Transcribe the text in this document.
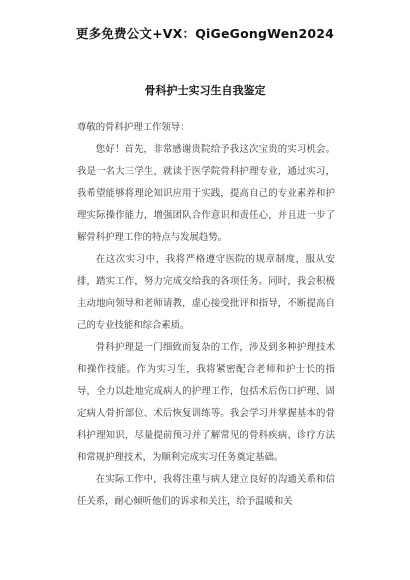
更多免费公文+VX：QiGeGongWen2024
骨科护士实习生自我鉴定

尊敬的骨科护理工作领导：

您好！首先，非常感谢贵院给予我这次宝贵的实习机会。我是一名大三学生，就读于医学院骨科护理专业，通过实习，我希望能够将理论知识应用于实践，提高自己的专业素养和护理实际操作能力，增强团队合作意识和责任心，并且进一步了解骨科护理工作的特点与发展趋势。

在这次实习中，我将严格遵守医院的规章制度，服从安排，踏实工作，努力完成交给我的各项任务。同时，我会积极主动地向领导和老师请教，虚心接受批评和指导，不断提高自己的专业技能和综合素质。

骨科护理是一门细致而复杂的工作，涉及到多种护理技术和操作技能。作为实习生，我将紧密配合老师和护士长的指导，全力以赴地完成病人的护理工作，包括术后伤口护理、固定病人骨折部位、术后恢复训练等。我会学习并掌握基本的骨科护理知识，尽量提前预习并了解常见的骨科疾病、诊疗方法和常规护理技术，为顺利完成实习任务奠定基础。

在实际工作中，我将注重与病人建立良好的沟通关系和信任关系，耐心倾听他们的诉求和关注，给予温暖和关
